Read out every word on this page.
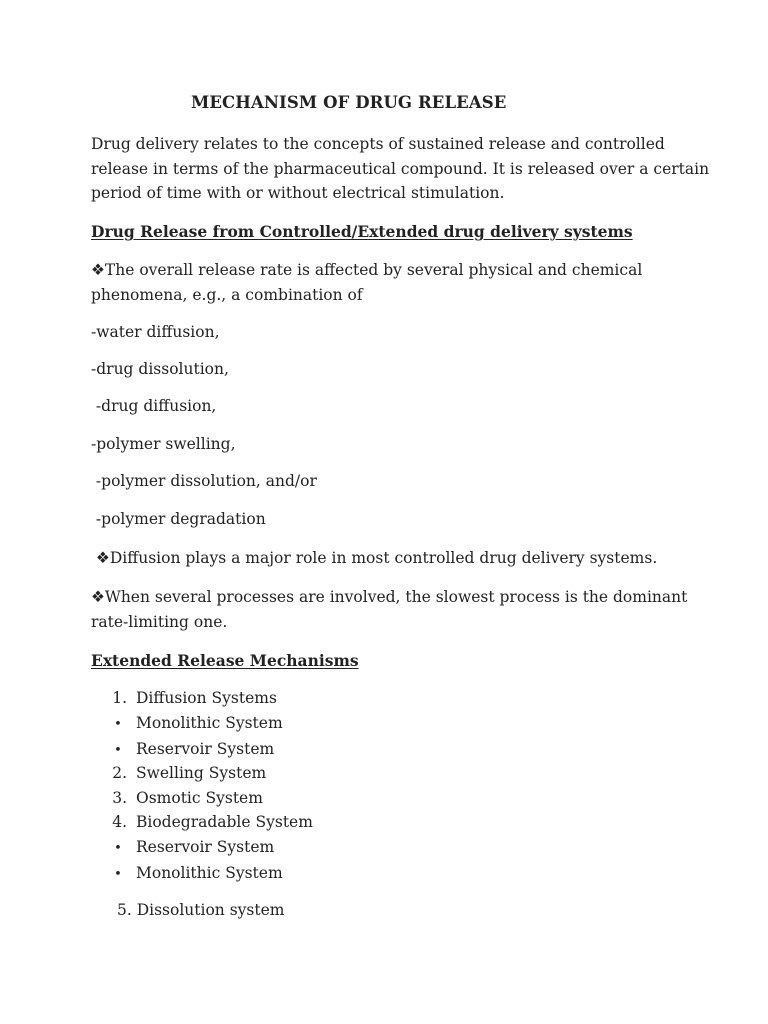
MECHANISM OF DRUG RELEASE
Drug delivery relates to the concepts of sustained release and controlled
release in terms of the pharmaceutical compound. It is released over a certain
period of time with or without electrical stimulation.
Drug Release from Controlled/Extended drug delivery systems
❖The overall release rate is affected by several physical and chemical
phenomena, e.g., a combination of
-water diffusion,
-drug dissolution,
-drug diffusion,
-polymer swelling,
-polymer dissolution, and/or
-polymer degradation
❖Diffusion plays a major role in most controlled drug delivery systems.
❖When several processes are involved, the slowest process is the dominant
rate-limiting one.
Extended Release Mechanisms
1. Diffusion Systems
• Monolithic System
• Reservoir System
2. Swelling System
3. Osmotic System
4. Biodegradable System
• Reservoir System
• Monolithic System
5. Dissolution system
